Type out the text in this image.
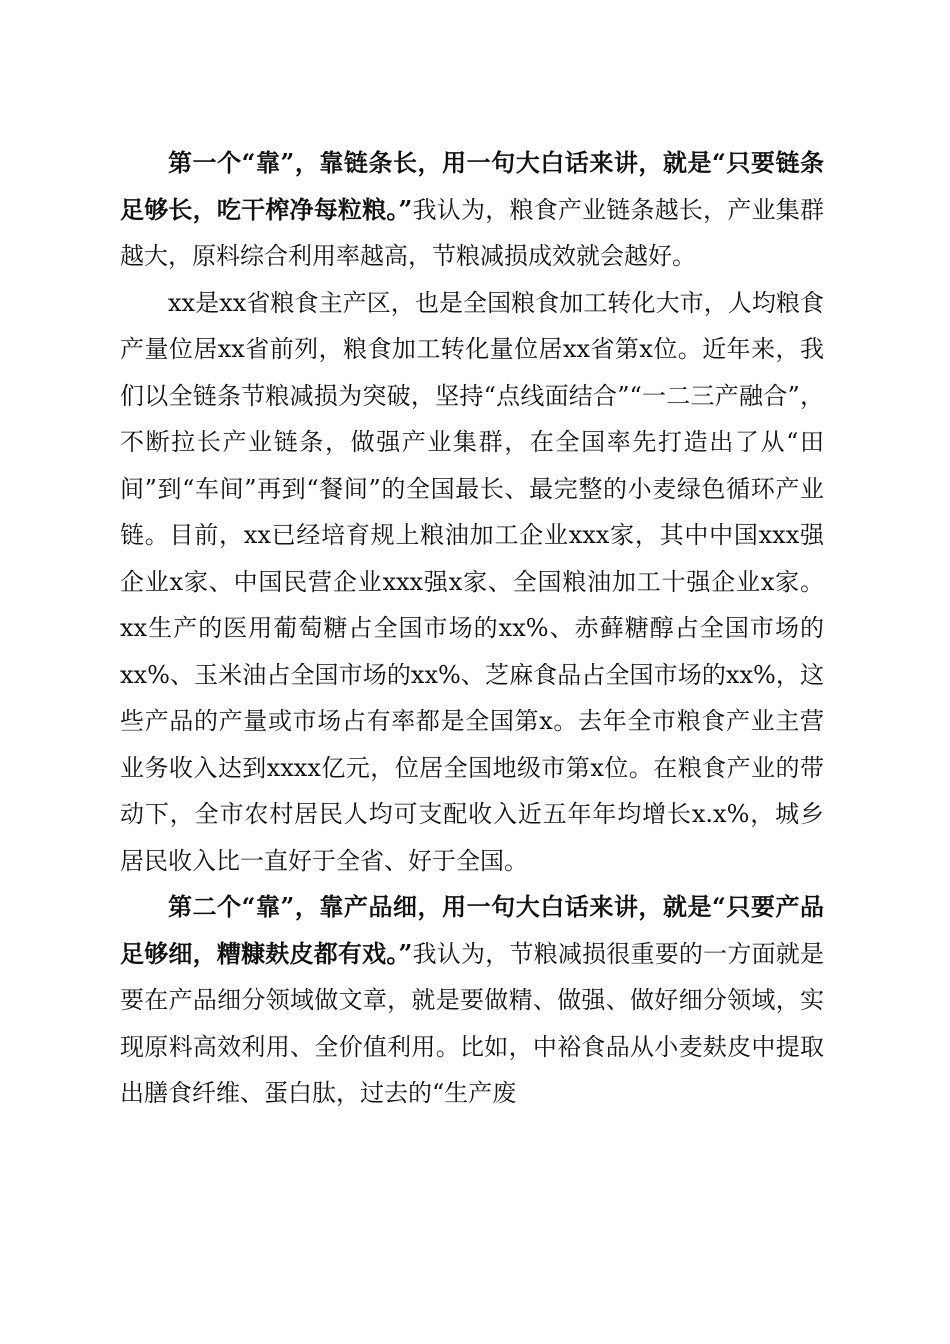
第一个“靠”，靠链条长，用一句大白话来讲，就是“只要链条足够长，吃干榨净每粒粮。”我认为，粮食产业链条越长，产业集群越大，原料综合利用率越高，节粮减损成效就会越好。

xx是xx省粮食主产区，也是全国粮食加工转化大市，人均粮食产量位居xx省前列，粮食加工转化量位居xx省第x位。近年来，我们以全链条节粮减损为突破，坚持“点线面结合”“一二三产融合”，不断拉长产业链条，做强产业集群，在全国率先打造出了从“田间”到“车间”再到“餐间”的全国最长、最完整的小麦绿色循环产业链。目前，xx已经培育规上粮油加工企业xxx家，其中中国xxx强企业x家、中国民营企业xxx强x家、全国粮油加工十强企业x家。xx生产的医用葡萄糖占全国市场的xx%、赤藓糖醇占全国市场的xx%、玉米油占全国市场的xx%、芝麻食品占全国市场的xx%，这些产品的产量或市场占有率都是全国第x。去年全市粮食产业主营业务收入达到xxxx亿元，位居全国地级市第x位。在粮食产业的带动下，全市农村居民人均可支配收入近五年年均增长x.x%，城乡居民收入比一直好于全省、好于全国。

第二个“靠”，靠产品细，用一句大白话来讲，就是“只要产品足够细，糟糠麸皮都有戏。”我认为，节粮减损很重要的一方面就是要在产品细分领域做文章，就是要做精、做强、做好细分领域，实现原料高效利用、全价值利用。比如，中裕食品从小麦麸皮中提取出膳食纤维、蛋白肽，过去的“生产废
